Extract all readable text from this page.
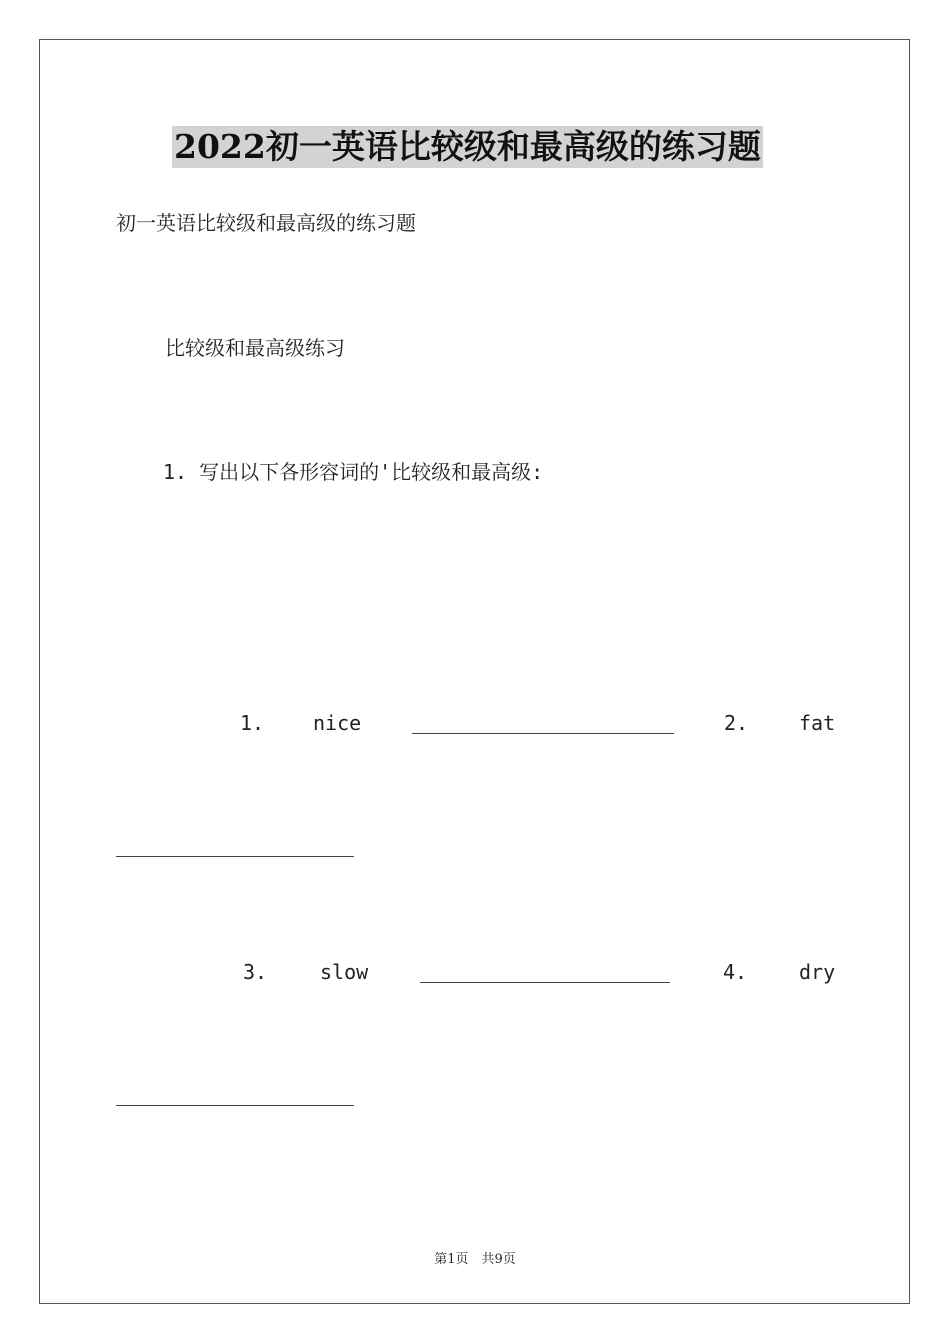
2022初一英语比较级和最高级的练习题
初一英语比较级和最高级的练习题
比较级和最高级练习
1. 写出以下各形容词的'比较级和最高级:
1. nice	2.	fat
3.	slow	4.	dry
第1页　共9页
